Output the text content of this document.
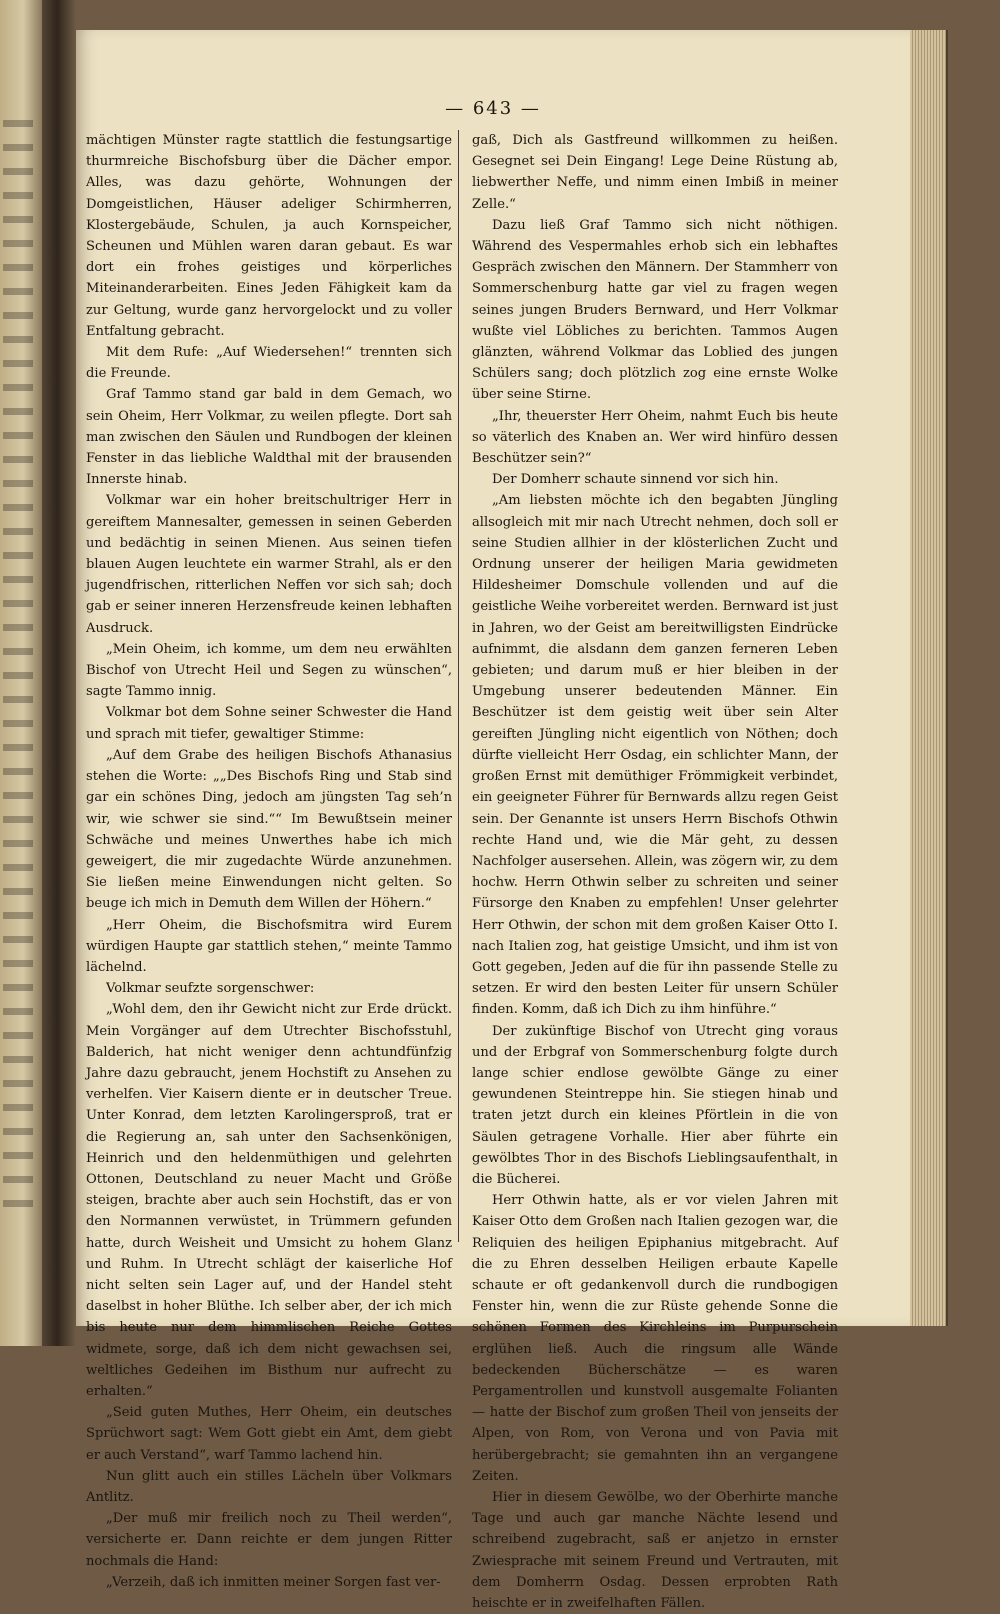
— 643 —

mächtigen Münster ragte stattlich die festungsartige thurmreiche Bischofsburg über die Dächer empor. Alles, was dazu gehörte, Wohnungen der Domgeistlichen, Häuser adeliger Schirmherren, Klostergebäude, Schulen, ja auch Kornspeicher, Scheunen und Mühlen waren daran gebaut. Es war dort ein frohes geistiges und körperliches Miteinanderarbeiten. Eines Jeden Fähigkeit kam da zur Geltung, wurde ganz hervorgelockt und zu voller Entfaltung gebracht.

Mit dem Rufe: „Auf Wiedersehen!“ trennten sich die Freunde.

Graf Tammo stand gar bald in dem Gemach, wo sein Oheim, Herr Volkmar, zu weilen pflegte. Dort sah man zwischen den Säulen und Rundbogen der kleinen Fenster in das liebliche Waldthal mit der brausenden Innerste hinab.

Volkmar war ein hoher breitschultriger Herr in gereiftem Mannesalter, gemessen in seinen Geberden und bedächtig in seinen Mienen. Aus seinen tiefen blauen Augen leuchtete ein warmer Strahl, als er den jugendfrischen, ritterlichen Neffen vor sich sah; doch gab er seiner inneren Herzensfreude keinen lebhaften Ausdruck.

„Mein Oheim, ich komme, um dem neu erwählten Bischof von Utrecht Heil und Segen zu wünschen“, sagte Tammo innig.

Volkmar bot dem Sohne seiner Schwester die Hand und sprach mit tiefer, gewaltiger Stimme:

„Auf dem Grabe des heiligen Bischofs Athanasius stehen die Worte: „„Des Bischofs Ring und Stab sind gar ein schönes Ding, jedoch am jüngsten Tag seh’n wir, wie schwer sie sind.““ Im Bewußtsein meiner Schwäche und meines Unwerthes habe ich mich geweigert, die mir zugedachte Würde anzunehmen. Sie ließen meine Einwendungen nicht gelten. So beuge ich mich in Demuth dem Willen der Höhern.“

„Herr Oheim, die Bischofsmitra wird Eurem würdigen Haupte gar stattlich stehen,“ meinte Tammo lächelnd.

Volkmar seufzte sorgenschwer:

„Wohl dem, den ihr Gewicht nicht zur Erde drückt. Mein Vorgänger auf dem Utrechter Bischofsstuhl, Balderich, hat nicht weniger denn achtundfünfzig Jahre dazu gebraucht, jenem Hochstift zu Ansehen zu verhelfen. Vier Kaisern diente er in deutscher Treue. Unter Konrad, dem letzten Karolingersproß, trat er die Regierung an, sah unter den Sachsenkönigen, Heinrich und den heldenmüthigen und gelehrten Ottonen, Deutschland zu neuer Macht und Größe steigen, brachte aber auch sein Hochstift, das er von den Normannen verwüstet, in Trümmern gefunden hatte, durch Weisheit und Umsicht zu hohem Glanz und Ruhm. In Utrecht schlägt der kaiserliche Hof nicht selten sein Lager auf, und der Handel steht daselbst in hoher Blüthe. Ich selber aber, der ich mich bis heute nur dem himmlischen Reiche Gottes widmete, sorge, daß ich dem nicht gewachsen sei, weltliches Gedeihen im Bisthum nur aufrecht zu erhalten.“

„Seid guten Muthes, Herr Oheim, ein deutsches Sprüchwort sagt: Wem Gott giebt ein Amt, dem giebt er auch Verstand“, warf Tammo lachend hin.

Nun glitt auch ein stilles Lächeln über Volkmars Antlitz.

„Der muß mir freilich noch zu Theil werden“, versicherte er. Dann reichte er dem jungen Ritter nochmals die Hand:

„Verzeih, daß ich inmitten meiner Sorgen fast ver-

gaß, Dich als Gastfreund willkommen zu heißen. Gesegnet sei Dein Eingang! Lege Deine Rüstung ab, liebwerther Neffe, und nimm einen Imbiß in meiner Zelle.“

Dazu ließ Graf Tammo sich nicht nöthigen. Während des Vespermahles erhob sich ein lebhaftes Gespräch zwischen den Männern. Der Stammherr von Sommerschenburg hatte gar viel zu fragen wegen seines jungen Bruders Bernward, und Herr Volkmar wußte viel Löbliches zu berichten. Tammos Augen glänzten, während Volkmar das Loblied des jungen Schülers sang; doch plötzlich zog eine ernste Wolke über seine Stirne.

„Ihr, theuerster Herr Oheim, nahmt Euch bis heute so väterlich des Knaben an. Wer wird hinfüro dessen Beschützer sein?“

Der Domherr schaute sinnend vor sich hin.

„Am liebsten möchte ich den begabten Jüngling allsogleich mit mir nach Utrecht nehmen, doch soll er seine Studien allhier in der klösterlichen Zucht und Ordnung unserer der heiligen Maria gewidmeten Hildesheimer Domschule vollenden und auf die geistliche Weihe vorbereitet werden. Bernward ist just in Jahren, wo der Geist am bereitwilligsten Eindrücke aufnimmt, die alsdann dem ganzen ferneren Leben gebieten; und darum muß er hier bleiben in der Umgebung unserer bedeutenden Männer. Ein Beschützer ist dem geistig weit über sein Alter gereiften Jüngling nicht eigentlich von Nöthen; doch dürfte vielleicht Herr Osdag, ein schlichter Mann, der großen Ernst mit demüthiger Frömmigkeit verbindet, ein geeigneter Führer für Bernwards allzu regen Geist sein. Der Genannte ist unsers Herrn Bischofs Othwin rechte Hand und, wie die Mär geht, zu dessen Nachfolger ausersehen. Allein, was zögern wir, zu dem hochw. Herrn Othwin selber zu schreiten und seiner Fürsorge den Knaben zu empfehlen! Unser gelehrter Herr Othwin, der schon mit dem großen Kaiser Otto I. nach Italien zog, hat geistige Umsicht, und ihm ist von Gott gegeben, Jeden auf die für ihn passende Stelle zu setzen. Er wird den besten Leiter für unsern Schüler finden. Komm, daß ich Dich zu ihm hinführe.“

Der zukünftige Bischof von Utrecht ging voraus und der Erbgraf von Sommerschenburg folgte durch lange schier endlose gewölbte Gänge zu einer gewundenen Steintreppe hin. Sie stiegen hinab und traten jetzt durch ein kleines Pförtlein in die von Säulen getragene Vorhalle. Hier aber führte ein gewölbtes Thor in des Bischofs Lieblingsaufenthalt, in die Bücherei.

Herr Othwin hatte, als er vor vielen Jahren mit Kaiser Otto dem Großen nach Italien gezogen war, die Reliquien des heiligen Epiphanius mitgebracht. Auf die zu Ehren desselben Heiligen erbaute Kapelle schaute er oft gedankenvoll durch die rundbogigen Fenster hin, wenn die zur Rüste gehende Sonne die schönen Formen des Kirchleins im Purpurschein erglühen ließ. Auch die ringsum alle Wände bedeckenden Bücherschätze — es waren Pergamentrollen und kunstvoll ausgemalte Folianten — hatte der Bischof zum großen Theil von jenseits der Alpen, von Rom, von Verona und von Pavia mit herübergebracht; sie gemahnten ihn an vergangene Zeiten.

Hier in diesem Gewölbe, wo der Oberhirte manche Tage und auch gar manche Nächte lesend und schreibend zugebracht, saß er anjetzo in ernster Zwiesprache mit seinem Freund und Vertrauten, mit dem Domherrn Osdag. Dessen erprobten Rath heischte er in zweifelhaften Fällen.
